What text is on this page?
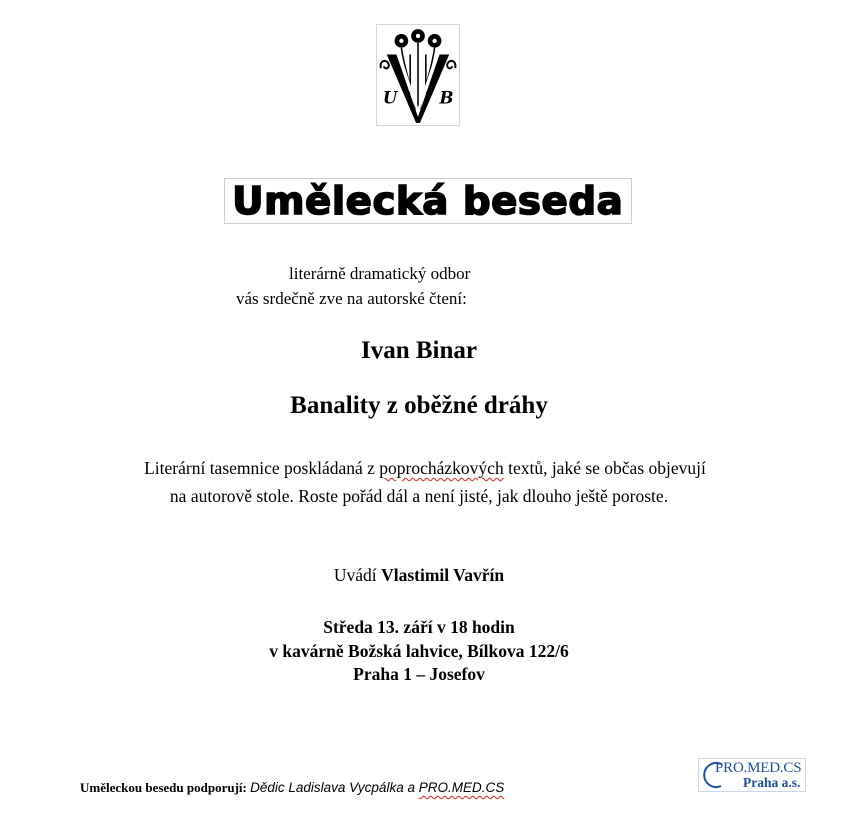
U B
Umělecká beseda
literárně dramatický odbor
vás srdečně zve na autorské čtení:
Ivan Binar
Banality z oběžné dráhy
Literární tasemnice poskládaná z poprocházkových textů, jaké se občas objevují
na autorově stole. Roste pořád dál a není jisté, jak dlouho ještě poroste.
Uvádí Vlastimil Vavřín
Středa 13. září v 18 hodin
v kavárně Božská lahvice, Bílkova 122/6
Praha 1 – Josefov
Uměleckou besedu podporují: Dědic Ladislava Vycpálka a PRO.MED.CS
PRO.MED.CS
Praha a.s.
